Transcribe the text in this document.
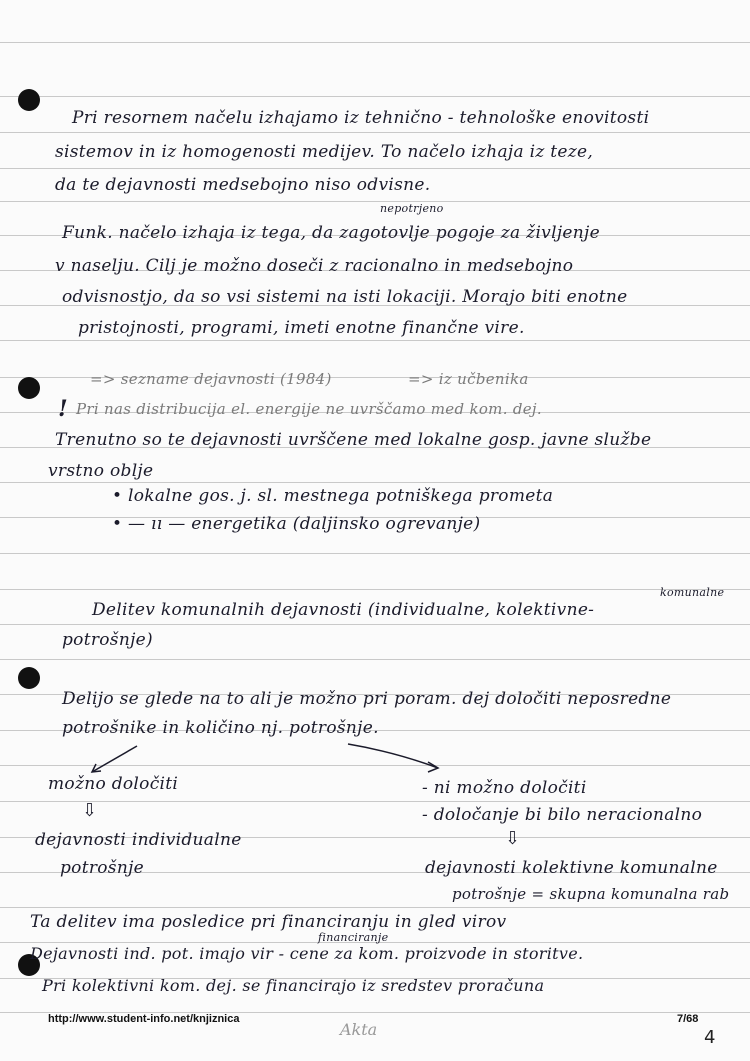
Pri resornem načelu izhajamo iz tehnično - tehnološke enovitosti
sistemov in iz homogenosti medijev. To načelo izhaja iz teze,
da te dejavnosti medsebojno niso odvisne.
nepotrjeno
Funk. načelo izhaja iz tega, da zagotovlje pogoje za življenje
v naselju. Cilj je možno doseči z racionalno in medsebojno
odvisnostjo, da so vsi sistemi na isti lokaciji. Morajo biti enotne
pristojnosti, programi, imeti enotne finančne vire.
=> sezname dejavnosti (1984)	=> iz učbenika
! Pri nas distribucija el. energije ne uvrščamo med kom. dej.
Trenutno so te dejavnosti uvrščene med lokalne gosp. javne službe
vrstno oblje
• lokalne gos. j. sl. mestnega potniškega prometa
• — ıı — energetika (daljinsko ogrevanje)
komunalne
Delitev komunalnih dejavnosti (individualne, kolektivne-
potrošnje)
Delijo se glede na to ali je možno pri poram. dej določiti neposredne
potrošnike in količino nj. potrošnje.
možno določiti
⇩
dejavnosti individualne
potrošnje
- ni možno določiti
- določanje bi bilo neracionalno
⇩
dejavnosti kolektivne komunalne
potrošnje = skupna komunalna rab
Ta delitev ima posledice pri financiranju in gled virov
financiranje
Dejavnosti ind. pot. imajo vir - cene za kom. proizvode in storitve.
Pri kolektivni kom. dej. se financirajo iz sredstev proračuna
http://www.student-info.net/knjiznica	7/68
Akta	4
